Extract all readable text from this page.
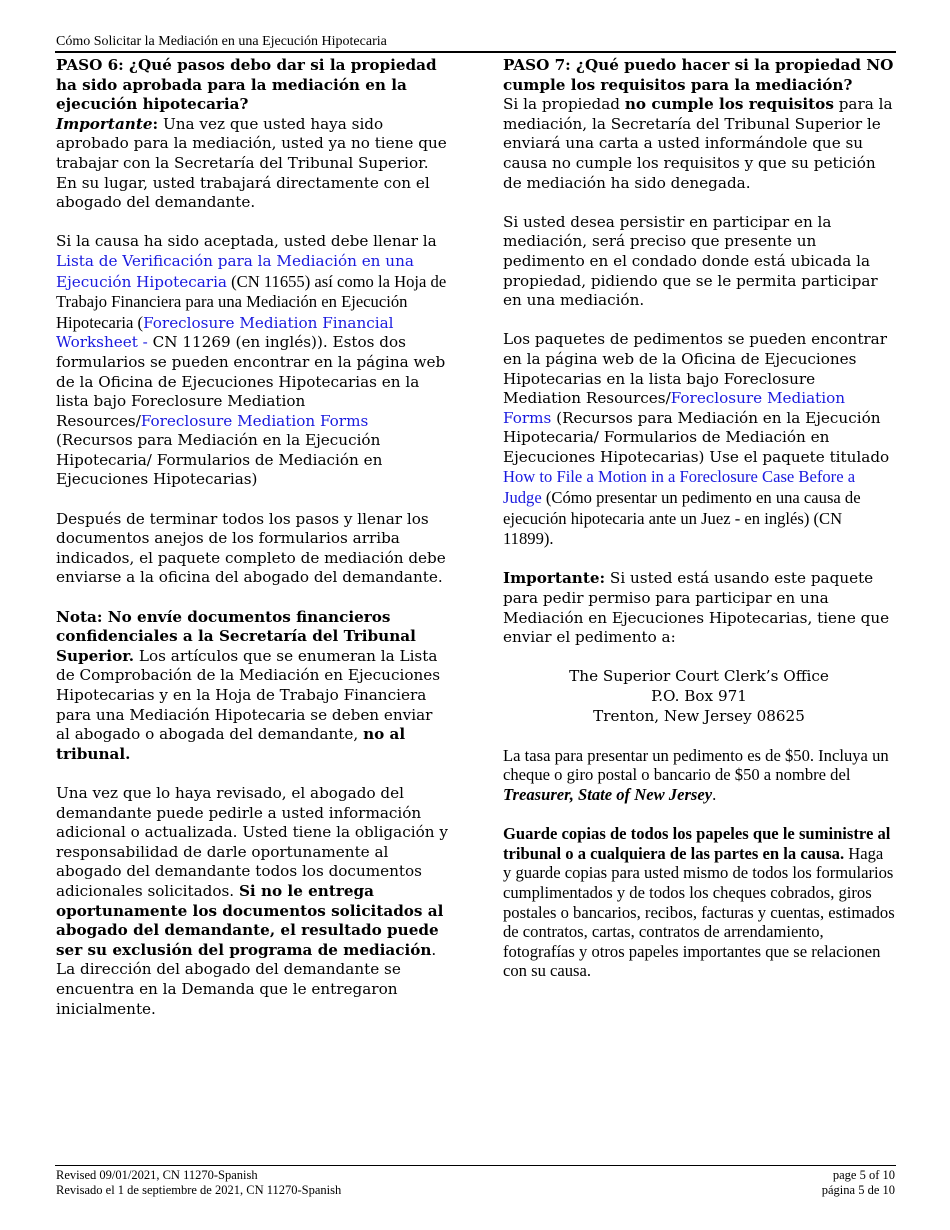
Cómo Solicitar la Mediación en una Ejecución Hipotecaria

PASO 6: ¿Qué pasos debo dar si la propiedad ha sido aprobada para la mediación en la ejecución hipotecaria?

Importante: Una vez que usted haya sido aprobado para la mediación, usted ya no tiene que trabajar con la Secretaría del Tribunal Superior. En su lugar, usted trabajará directamente con el abogado del demandante.

Si la causa ha sido aceptada, usted debe llenar la Lista de Verificación para la Mediación en una Ejecución Hipotecaria (CN 11655) así como la Hoja de Trabajo Financiera para una Mediación en Ejecución Hipotecaria (Foreclosure Mediation Financial Worksheet - CN 11269 (en inglés)). Estos dos formularios se pueden encontrar en la página web de la Oficina de Ejecuciones Hipotecarias en la lista bajo Foreclosure Mediation Resources/Foreclosure Mediation Forms (Recursos para Mediación en la Ejecución Hipotecaria/ Formularios de Mediación en Ejecuciones Hipotecarias)

Después de terminar todos los pasos y llenar los documentos anejos de los formularios arriba indicados, el paquete completo de mediación debe enviarse a la oficina del abogado del demandante.

Nota: No envíe documentos financieros confidenciales a la Secretaría del Tribunal Superior. Los artículos que se enumeran la Lista de Comprobación de la Mediación en Ejecuciones Hipotecarias y en la Hoja de Trabajo Financiera para una Mediación Hipotecaria se deben enviar al abogado o abogada del demandante, no al tribunal.

Una vez que lo haya revisado, el abogado del demandante puede pedirle a usted información adicional o actualizada. Usted tiene la obligación y responsabilidad de darle oportunamente al abogado del demandante todos los documentos adicionales solicitados. Si no le entrega oportunamente los documentos solicitados al abogado del demandante, el resultado puede ser su exclusión del programa de mediación. La dirección del abogado del demandante se encuentra en la Demanda que le entregaron inicialmente.

PASO 7: ¿Qué puedo hacer si la propiedad NO cumple los requisitos para la mediación?

Si la propiedad no cumple los requisitos para la mediación, la Secretaría del Tribunal Superior le enviará una carta a usted informándole que su causa no cumple los requisitos y que su petición de mediación ha sido denegada.

Si usted desea persistir en participar en la mediación, será preciso que presente un pedimento en el condado donde está ubicada la propiedad, pidiendo que se le permita participar en una mediación.

Los paquetes de pedimentos se pueden encontrar en la página web de la Oficina de Ejecuciones Hipotecarias en la lista bajo Foreclosure Mediation Resources/Foreclosure Mediation Forms (Recursos para Mediación en la Ejecución Hipotecaria/ Formularios de Mediación en Ejecuciones Hipotecarias) Use el paquete titulado How to File a Motion in a Foreclosure Case Before a Judge (Cómo presentar un pedimento en una causa de ejecución hipotecaria ante un Juez - en inglés) (CN 11899).

Importante: Si usted está usando este paquete para pedir permiso para participar en una Mediación en Ejecuciones Hipotecarias, tiene que enviar el pedimento a:

The Superior Court Clerk’s Office
P.O. Box 971
Trenton, New Jersey 08625

La tasa para presentar un pedimento es de $50. Incluya un cheque o giro postal o bancario de $50 a nombre del Treasurer, State of New Jersey.

Guarde copias de todos los papeles que le suministre al tribunal o a cualquiera de las partes en la causa. Haga y guarde copias para usted mismo de todos los formularios cumplimentados y de todos los cheques cobrados, giros postales o bancarios, recibos, facturas y cuentas, estimados de contratos, cartas, contratos de arrendamiento, fotografías y otros papeles importantes que se relacionen con su causa.

Revised 09/01/2021, CN 11270-Spanish
Revisado el 1 de septiembre de 2021, CN 11270-Spanish
page 5 of 10
página 5 de 10
